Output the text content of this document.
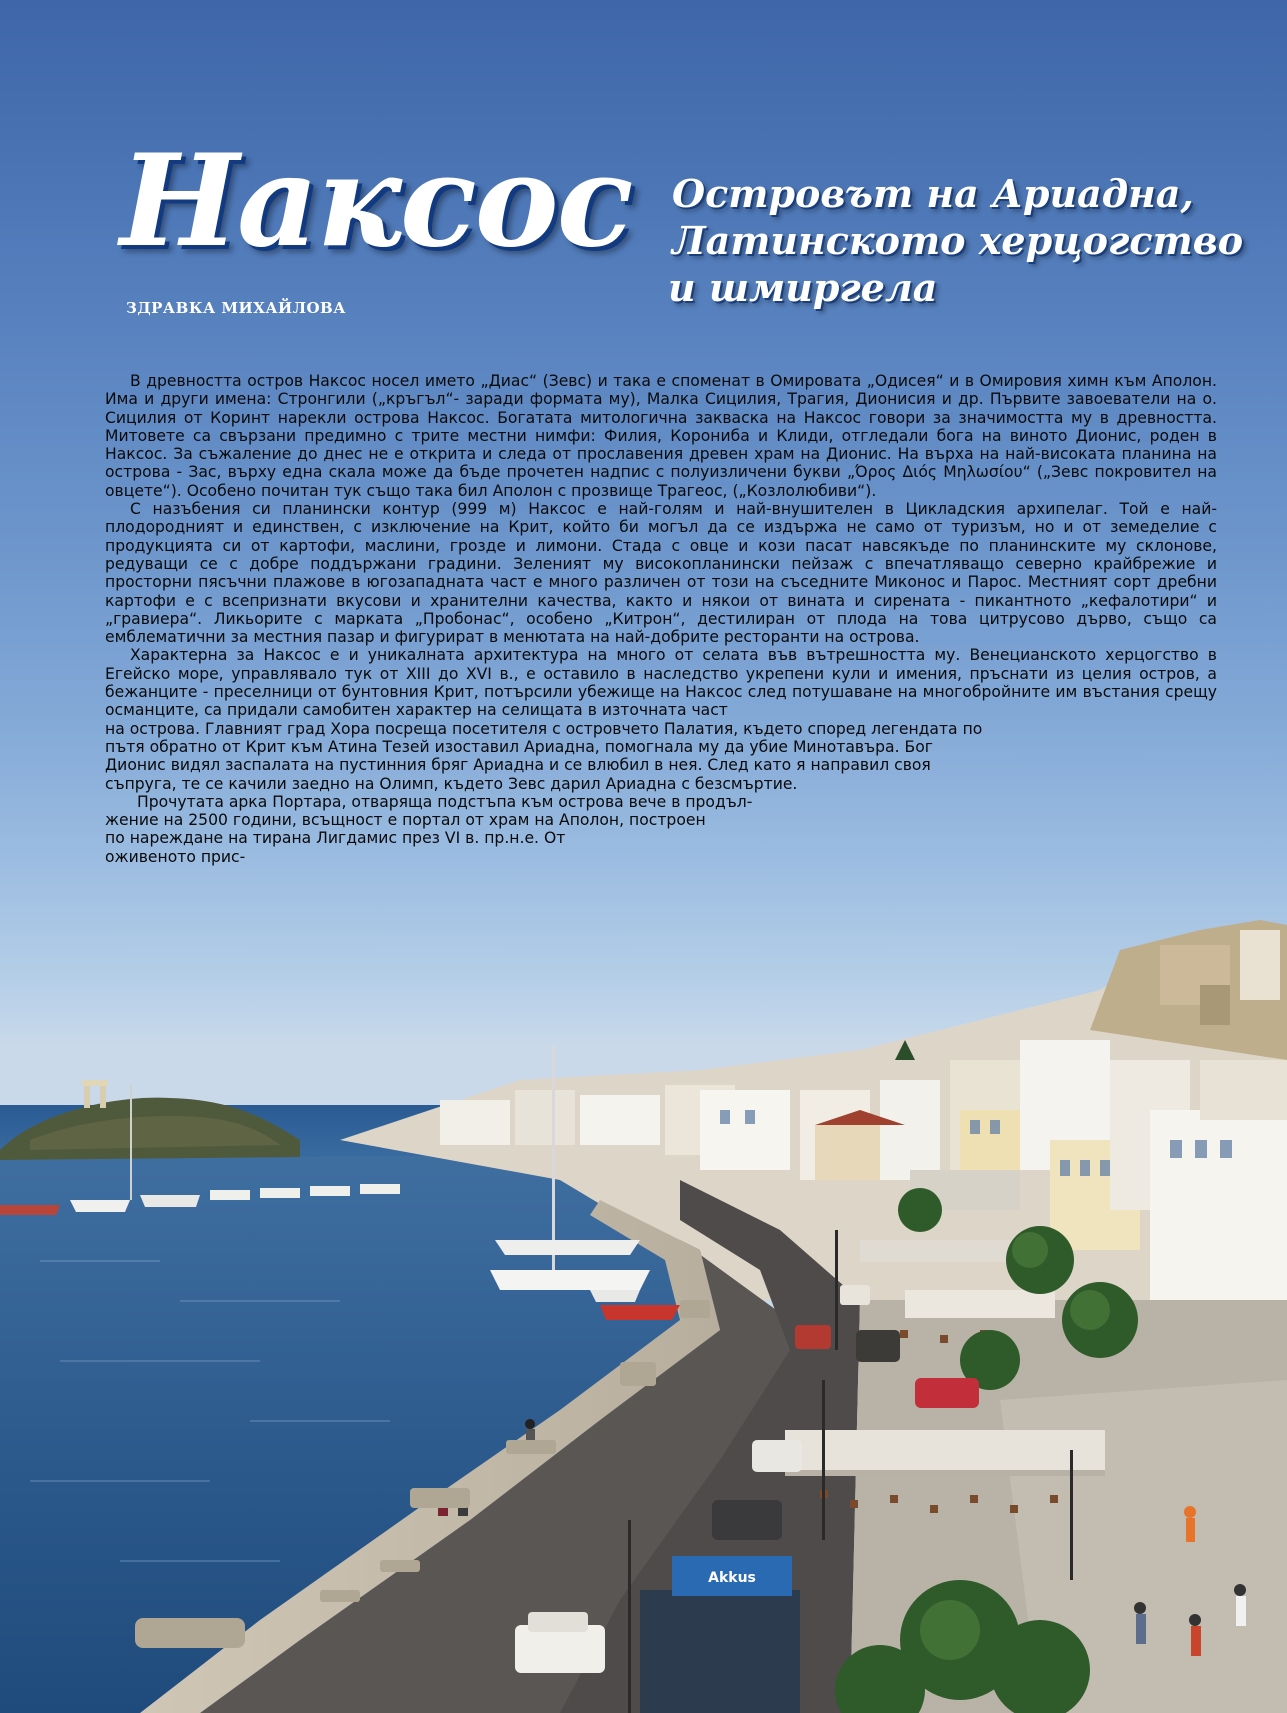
Akkus
Наксос
ЗДРАВКА МИХАЙЛОВА
Островът на Ариадна,
Латинското херцогство
и шмиргела

В древността остров Наксос носел името „Диас“ (Зевс) и така е споменат в Омировата „Одисея“ и в Омировия химн към Аполон. Има и други имена: Стронгили („кръгъл“- заради формата му), Малка Сицилия, Трагия, Дионисия и др. Първите завоеватели на о. Сицилия от Коринт нарекли острова Наксос. Богатата митологична закваска на Наксос говори за значимостта му в древността. Митовете са свързани предимно с трите местни нимфи: Филия, Корониба и Клиди, отгледали бога на виното Дионис, роден в Наксос. За съжаление до днес не е открита и следа от прославения древен храм на Дионис. На върха на най-високата планина на острова - Зас, върху една скала може да бъде прочетен надпис с полуизличени букви „Όρος Διός Μηλωσίου“ („Зевс покровител на овцете“). Особено почитан тук също така бил Аполон с прозвище Трагеос, („Козлолюбиви“).

С назъбения си планински контур (999 м) Наксос е най-голям и най-внушителен в Цикладския архипелаг. Той е най-плодородният и единствен, с изключение на Крит, който би могъл да се издържа не само от туризъм, но и от земеделие с продукцията си от картофи, маслини, грозде и лимони. Стада с овце и кози пасат навсякъде по планинските му склонове, редуващи се с добре поддържани градини. Зеленият му високопланински пейзаж с впечатляващо северно крайбрежие и просторни пясъчни плажове в югозападната част е много различен от този на съседните Миконос и Парос. Местният сорт дребни картофи е с всепризнати вкусови и хранителни качества, както и някои от вината и сирената - пикантното „кефалотири“ и „гравиера“. Ликьорите с марката „Пробонас“, особено „Китрон“, дестилиран от плода на това цитрусово дърво, също са емблематични за местния пазар и фигурират в менютата на най-добрите ресторанти на острова.

Характерна за Наксос е и уникалната архитектура на много от селата във вътрешността му. Венецианското херцогство в Егейско море, управлявало тук от XIII до XVI в., е оставило в наследство укрепени кули и имения, пръснати из целия остров, а бежанците - преселници от бунтовния Крит, потърсили убежище на Наксос след потушаване на многобройните им въстания срещу османците, са придали самобитен характер на селищата в източната част

на острова. Главният град Хора посреща посетителя с островчето Палатия, където според легендата по
пътя обратно от Крит към Атина Тезей изоставил Ариадна, помогнала му да убие Минотавъра. Бог
Дионис видял заспалата на пустинния бряг Ариадна и се влюбил в нея. След като я направил своя
съпруга, те се качили заедно на Олимп, където Зевс дарил Ариадна с безсмъртие.
Прочутата арка Портара, отваряща подстъпа към острова вече в продъл-
жение на 2500 години, всъщност е портал от храм на Аполон, построен
по нареждане на тирана Лигдамис през VI в. пр.н.е. От
оживеното прис-
